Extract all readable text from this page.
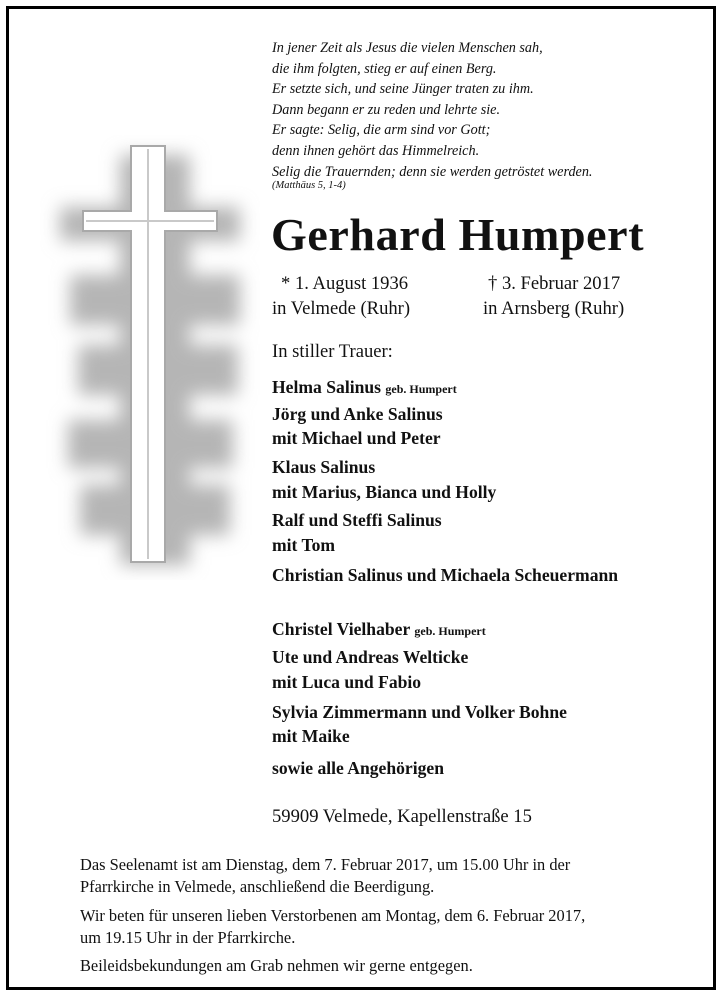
In jener Zeit als Jesus die vielen Menschen sah,
die ihm folgten, stieg er auf einen Berg.
Er setzte sich, und seine Jünger traten zu ihm.
Dann begann er zu reden und lehrte sie.
Er sagte: Selig, die arm sind vor Gott;
denn ihnen gehört das Himmelreich.
Selig die Trauernden; denn sie werden getröstet werden.
(Matthäus 5, 1-4)
Gerhard Humpert
* 1. August 1936
in Velmede (Ruhr)
† 3. Februar 2017
in Arnsberg (Ruhr)
In stiller Trauer:
Helma Salinus geb. Humpert
Jörg und Anke Salinus
mit Michael und Peter
Klaus Salinus
mit Marius, Bianca und Holly
Ralf und Steffi Salinus
mit Tom
Christian Salinus und Michaela Scheuermann
Christel Vielhaber geb. Humpert
Ute und Andreas Welticke
mit Luca und Fabio
Sylvia Zimmermann und Volker Bohne
mit Maike
sowie alle Angehörigen
59909 Velmede, Kapellenstraße 15
Das Seelenamt ist am Dienstag, dem 7. Februar 2017, um 15.00 Uhr in der
Pfarrkirche in Velmede, anschließend die Beerdigung.
Wir beten für unseren lieben Verstorbenen am Montag, dem 6. Februar 2017,
um 19.15 Uhr in der Pfarrkirche.
Beileidsbekundungen am Grab nehmen wir gerne entgegen.
